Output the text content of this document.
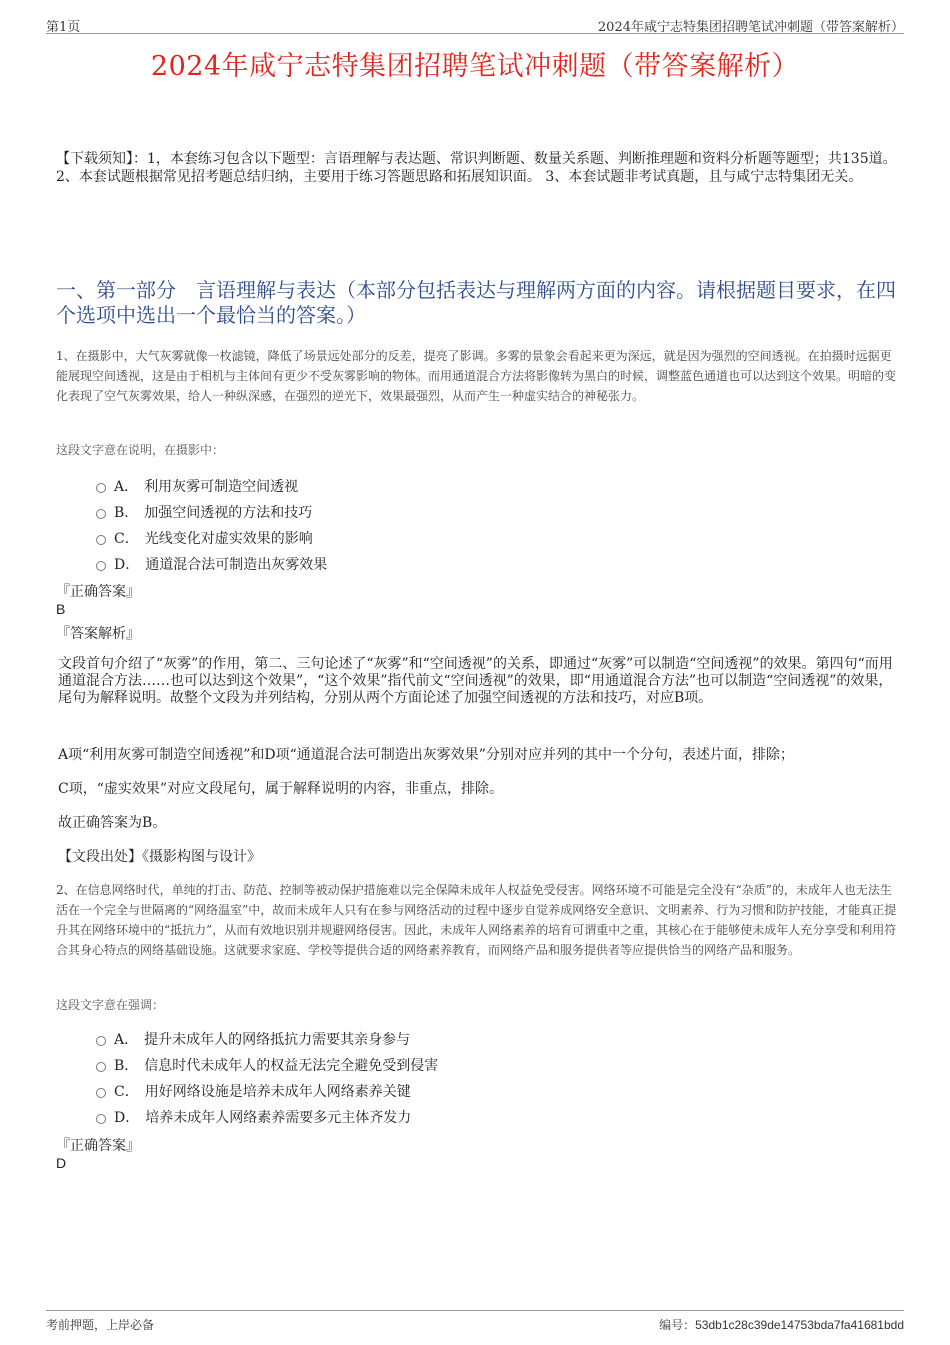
第1页	2024年咸宁志特集团招聘笔试冲刺题（带答案解析）
2024年咸宁志特集团招聘笔试冲刺题（带答案解析）
【下载须知】：1，本套练习包含以下题型：言语理解与表达题、常识判断题、数量关系题、判断推理题和资料分析题等题型；共135道。 2、本套试题根据常见招考题总结归纳，主要用于练习答题思路和拓展知识面。 3、本套试题非考试真题，且与咸宁志特集团无关。
一、第一部分　言语理解与表达（本部分包括表达与理解两方面的内容。请根据题目要求，在四个选项中选出一个最恰当的答案。）
1、在摄影中，大气灰雾就像一枚滤镜，降低了场景远处部分的反差，提亮了影调。多雾的景象会看起来更为深远，就是因为强烈的空间透视。在拍摄时远据更能展现空间透视，这是由于相机与主体间有更少不受灰雾影响的物体。而用通道混合方法将影像转为黑白的时候，调整蓝色通道也可以达到这个效果。明暗的变化表现了空气灰雾效果，给人一种纵深感，在强烈的逆光下，效果最强烈，从而产生一种虚实结合的神秘张力。
这段文字意在说明，在摄影中：
A． 利用灰雾可制造空间透视
B． 加强空间透视的方法和技巧
C． 光线变化对虚实效果的影响
D． 通道混合法可制造出灰雾效果
『正确答案』
B
『答案解析』
文段首句介绍了“灰雾”的作用，第二、三句论述了“灰雾”和“空间透视”的关系，即通过“灰雾”可以制造“空间透视”的效果。第四句“而用通道混合方法……也可以达到这个效果”，“这个效果”指代前文“空间透视”的效果，即“用通道混合方法”也可以制造“空间透视”的效果，尾句为解释说明。故整个文段为并列结构，分别从两个方面论述了加强空间透视的方法和技巧，对应B项。
A项“利用灰雾可制造空间透视”和D项“通道混合法可制造出灰雾效果”分别对应并列的其中一个分句，表述片面，排除；
C项，“虚实效果”对应文段尾句，属于解释说明的内容，非重点，排除。
故正确答案为B。
【文段出处】《摄影构图与设计》
2、在信息网络时代，单纯的打击、防范、控制等被动保护措施难以完全保障未成年人权益免受侵害。网络环境不可能是完全没有“杂质”的，未成年人也无法生活在一个完全与世隔离的“网络温室”中，故而未成年人只有在参与网络活动的过程中逐步自觉养成网络安全意识、文明素养、行为习惯和防护技能，才能真正提升其在网络环境中的“抵抗力”，从而有效地识别并规避网络侵害。因此，未成年人网络素养的培育可谓重中之重，其核心在于能够使未成年人充分享受和利用符合其身心特点的网络基础设施。这就要求家庭、学校等提供合适的网络素养教育，而网络产品和服务提供者等应提供恰当的网络产品和服务。
这段文字意在强调：
A． 提升未成年人的网络抵抗力需要其亲身参与
B． 信息时代未成年人的权益无法完全避免受到侵害
C． 用好网络设施是培养未成年人网络素养关键
D． 培养未成年人网络素养需要多元主体齐发力
『正确答案』
D
考前押题，上岸必备	编号：53db1c28c39de14753bda7fa41681bdd
